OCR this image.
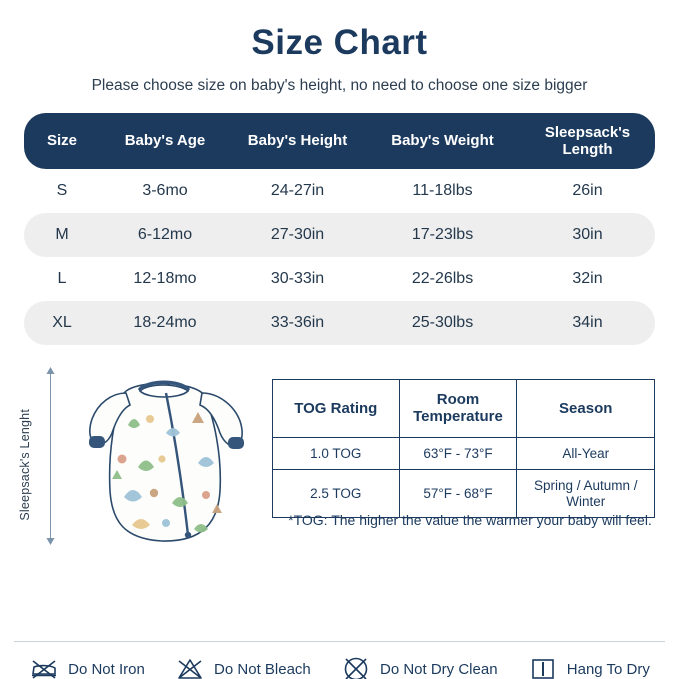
Size Chart

Please choose size on baby's height, no need to choose one size bigger

Size	Baby's Age	Baby's Height	Baby's Weight	Sleepsack's Length
S	3-6mo	24-27in	11-18lbs	26in
M	6-12mo	27-30in	17-23lbs	30in
L	12-18mo	30-33in	22-26lbs	32in
XL	18-24mo	33-36in	25-30lbs	34in
Sleepsack's Lenght
TOG Rating	Room Temperature	Season
1.0 TOG	63°F - 73°F	All-Year
2.5 TOG	57°F - 68°F	Spring / Autumn / Winter
*TOG: The higher the value the warmer your baby will feel.
Do Not Iron	Do Not Bleach	Do Not Dry Clean	Hang To Dry
